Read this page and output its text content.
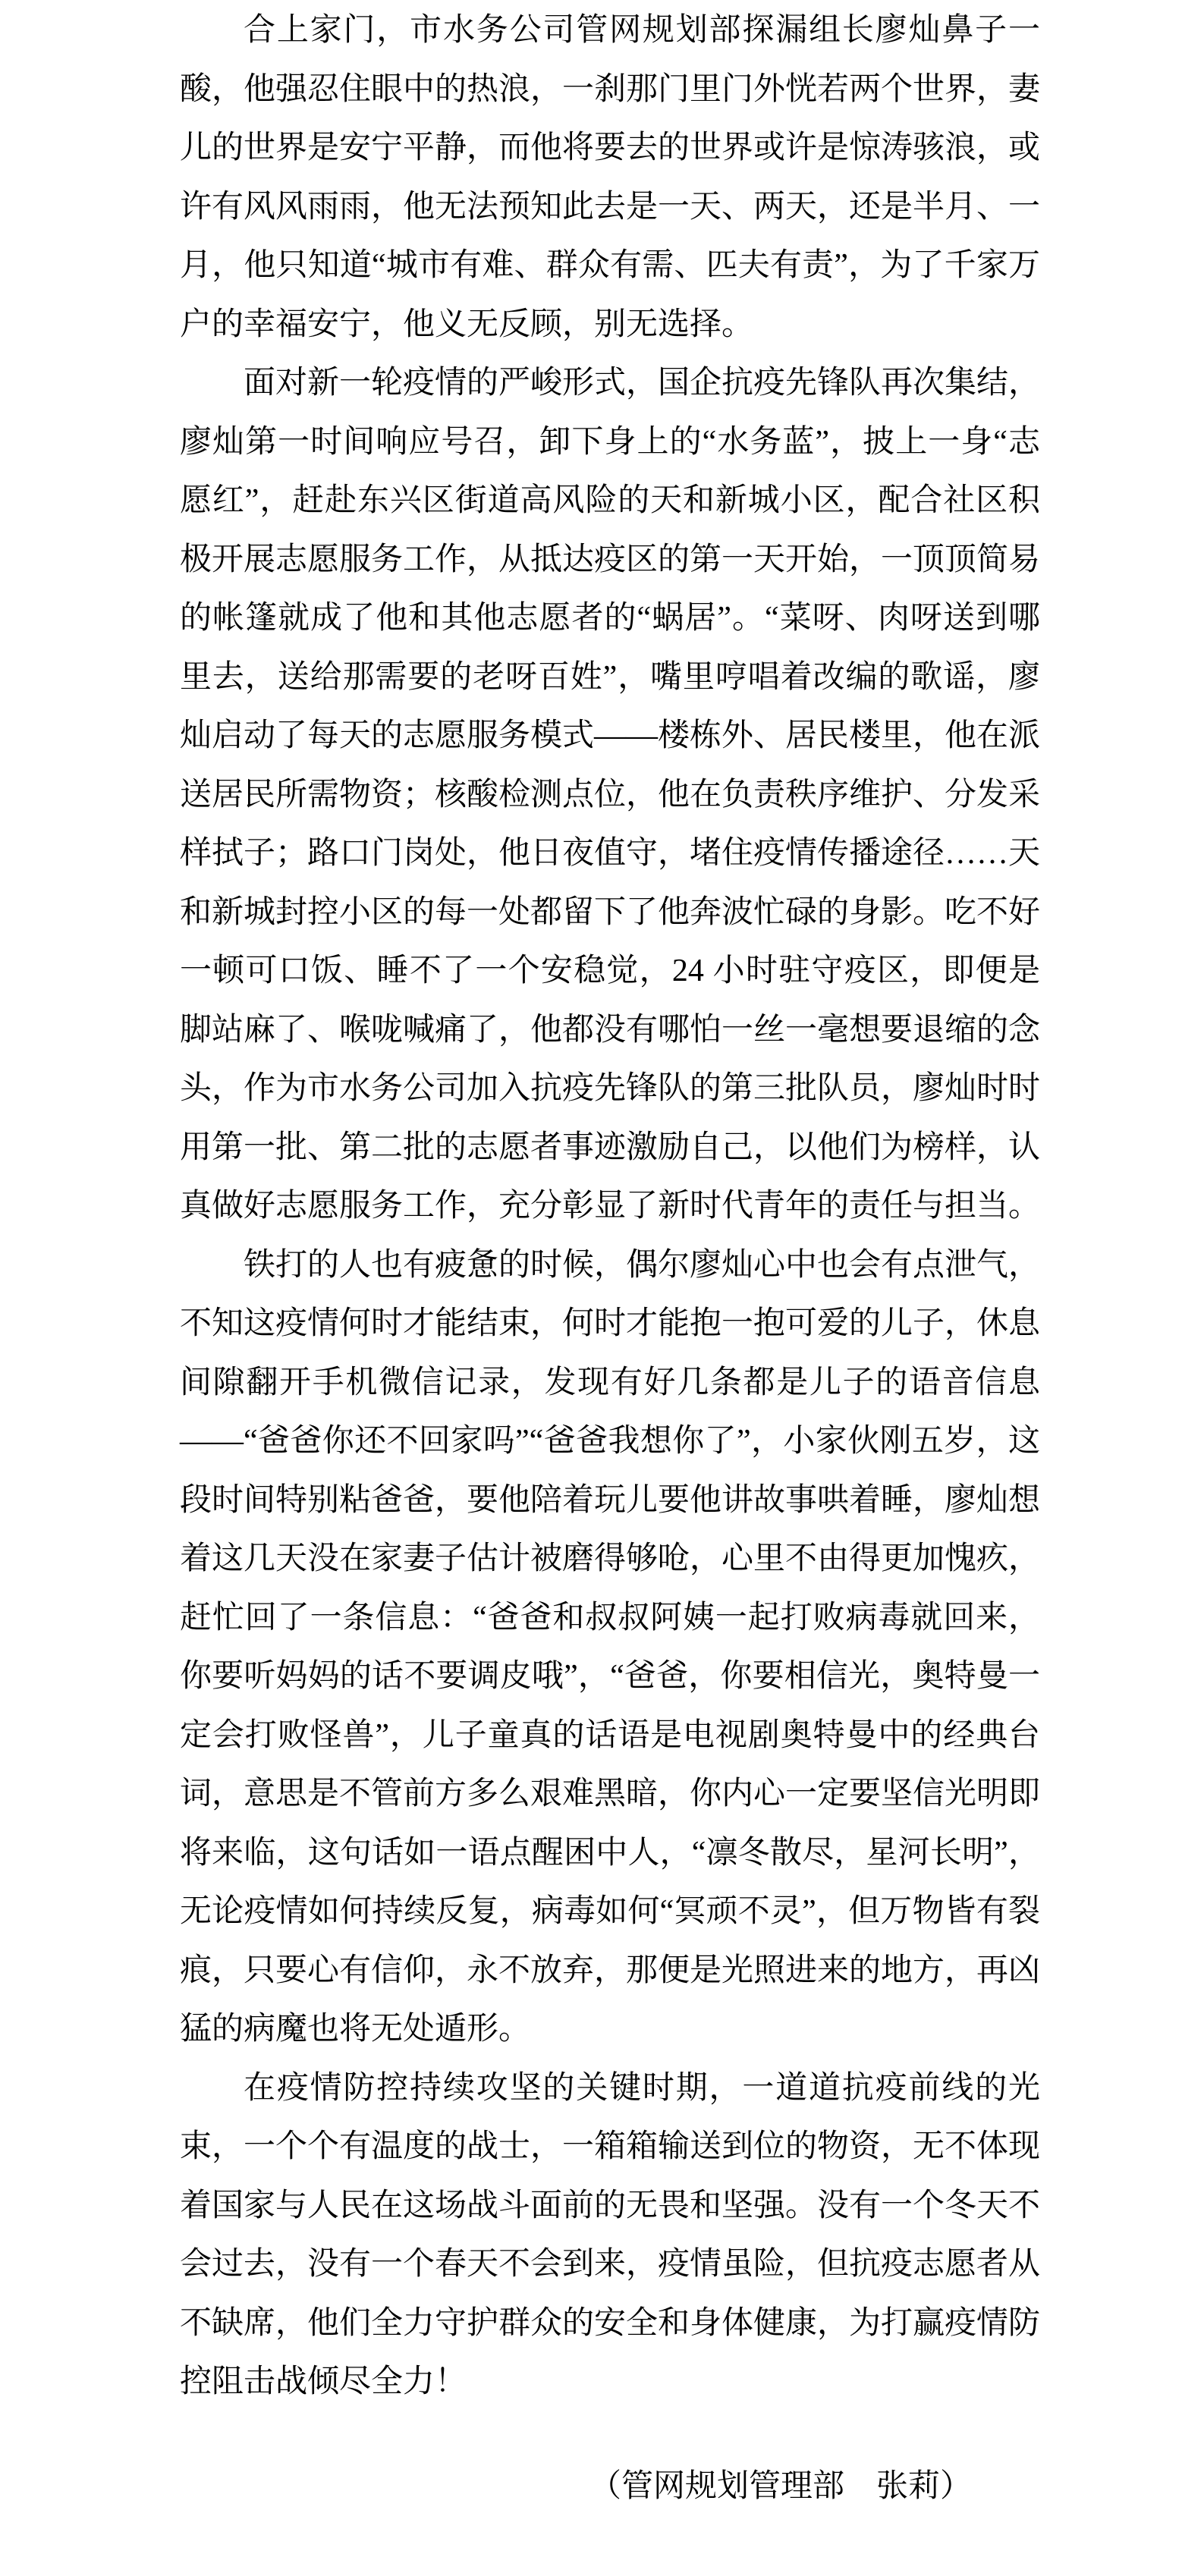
合上家门，市水务公司管网规划部探漏组长廖灿鼻子一酸，他强忍住眼中的热浪，一刹那门里门外恍若两个世界，妻儿的世界是安宁平静，而他将要去的世界或许是惊涛骇浪，或许有风风雨雨，他无法预知此去是一天、两天，还是半月、一月，他只知道“城市有难、群众有需、匹夫有责”，为了千家万户的幸福安宁，他义无反顾，别无选择。

面对新一轮疫情的严峻形式，国企抗疫先锋队再次集结，廖灿第一时间响应号召，卸下身上的“水务蓝”，披上一身“志愿红”，赶赴东兴区街道高风险的天和新城小区，配合社区积极开展志愿服务工作，从抵达疫区的第一天开始，一顶顶简易的帐篷就成了他和其他志愿者的“蜗居”。“菜呀、肉呀送到哪里去，送给那需要的老呀百姓”，嘴里哼唱着改编的歌谣，廖灿启动了每天的志愿服务模式——楼栋外、居民楼里，他在派送居民所需物资；核酸检测点位，他在负责秩序维护、分发采样拭子；路口门岗处，他日夜值守，堵住疫情传播途径……天和新城封控小区的每一处都留下了他奔波忙碌的身影。吃不好一顿可口饭、睡不了一个安稳觉，24 小时驻守疫区，即便是脚站麻了、喉咙喊痛了，他都没有哪怕一丝一毫想要退缩的念头，作为市水务公司加入抗疫先锋队的第三批队员，廖灿时时用第一批、第二批的志愿者事迹激励自己，以他们为榜样，认真做好志愿服务工作，充分彰显了新时代青年的责任与担当。

铁打的人也有疲惫的时候，偶尔廖灿心中也会有点泄气，不知这疫情何时才能结束，何时才能抱一抱可爱的儿子，休息间隙翻开手机微信记录，发现有好几条都是儿子的语音信息——“爸爸你还不回家吗”“爸爸我想你了”，小家伙刚五岁，这段时间特别粘爸爸，要他陪着玩儿要他讲故事哄着睡，廖灿想着这几天没在家妻子估计被磨得够呛，心里不由得更加愧疚，赶忙回了一条信息：“爸爸和叔叔阿姨一起打败病毒就回来，你要听妈妈的话不要调皮哦”，“爸爸，你要相信光，奥特曼一定会打败怪兽”，儿子童真的话语是电视剧奥特曼中的经典台词，意思是不管前方多么艰难黑暗，你内心一定要坚信光明即将来临，这句话如一语点醒困中人，“凛冬散尽，星河长明”，无论疫情如何持续反复，病毒如何“冥顽不灵”，但万物皆有裂痕，只要心有信仰，永不放弃，那便是光照进来的地方，再凶猛的病魔也将无处遁形。

在疫情防控持续攻坚的关键时期，一道道抗疫前线的光束，一个个有温度的战士，一箱箱输送到位的物资，无不体现着国家与人民在这场战斗面前的无畏和坚强。没有一个冬天不会过去，没有一个春天不会到来，疫情虽险，但抗疫志愿者从不缺席，他们全力守护群众的安全和身体健康，为打赢疫情防控阻击战倾尽全力！

（管网规划管理部　张莉）
